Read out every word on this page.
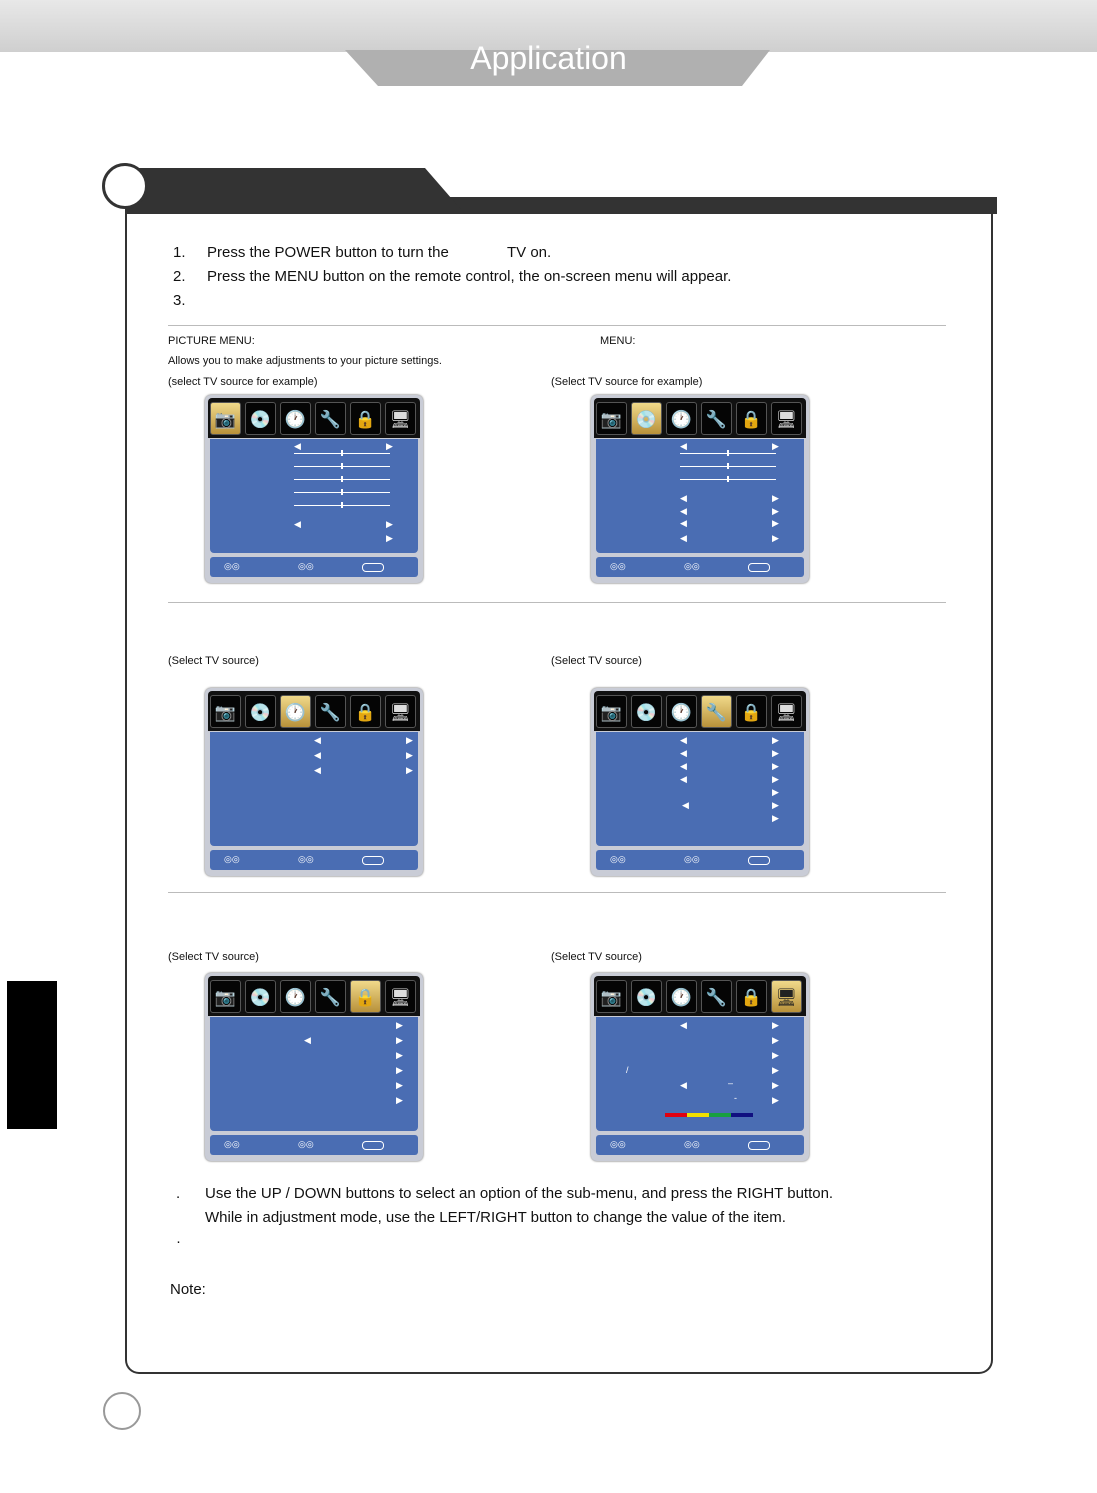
Application
1. Press the POWER button to turn the	TV on.
2. Press the MENU button on the remote control, the on-screen menu will appear.
3.
PICTURE MENU:
Allows you to make adjustments to your picture settings.
(select TV source for example)
MENU:
(Select TV source for example)
(Select TV source)	(Select TV source)
(Select TV source)	(Select TV source)
📷 💿 🕐 🔧 🔒 🖥
◀	▶
◀	▶
▶
◎◎	◎◎
📷 💿 🕐 🔧 🔒 🖥
◀	▶
◀	▶
◀	▶
◀	▶
◀	▶
◎◎	◎◎
📷 💿 🕐 🔧 🔒 🖥
◀	▶
◀	▶
◀	▶
◎◎	◎◎
📷 💿 🕐 🔧 🔒 🖥
◀	▶
◀	▶
◀	▶
◀	▶
▶
◀	▶
▶
◎◎	◎◎
📷 💿 🕐 🔧 🔒 🖥
▶
◀	▶
▶
▶
▶
▶
◎◎	◎◎
📷 💿 🕐 🔧 🔒 🖥
◀	▶
▶
▶
/	▶
◀	–	▶
-	▶
◎◎	◎◎
. Use the UP / DOWN buttons to select an option of the sub-menu, and press the RIGHT button.
While in adjustment mode, use the LEFT/RIGHT button to change the value of the item.
·
Note:
